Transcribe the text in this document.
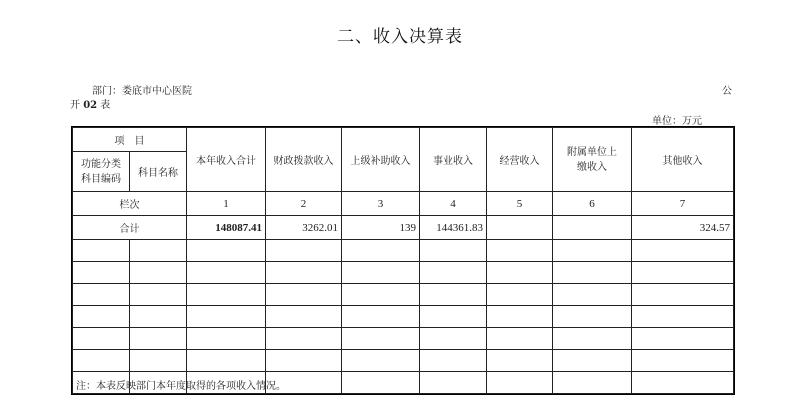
二、收入决算表
部门：娄底市中心医院	公
开 02 表
单位：万元
项　目		本年收入合计	财政拨款收入	上级补助收入	事业收入	经营收入	附属单位上缴收入	其他收入
功能分类科目编码	科目名称							
栏次		1	2	3	4	5	6	7
合计		148087.41	3262.01	139	144361.83			324.57

注：本表反映部门本年度取得的各项收入情况。
